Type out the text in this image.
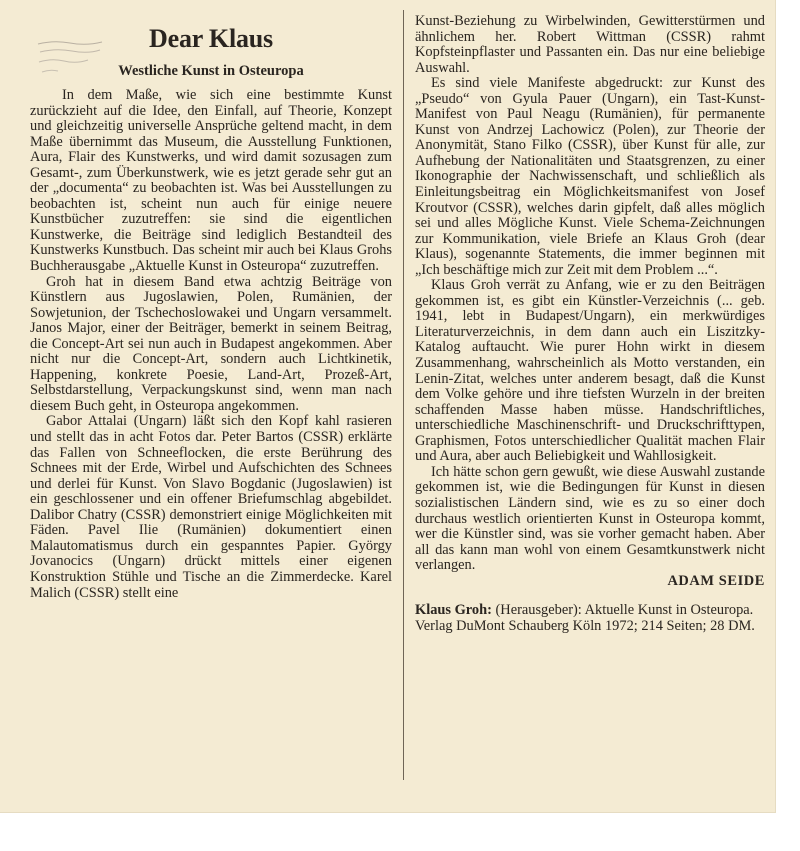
Dear Klaus
Westliche Kunst in Osteuropa

In dem Maße, wie sich eine bestimmte Kunst zurückzieht auf die Idee, den Einfall, auf Theorie, Konzept und gleichzeitig universelle Ansprüche geltend macht, in dem Maße übernimmt das Museum, die Ausstellung Funktionen, Aura, Flair des Kunstwerks, und wird damit sozusagen zum Gesamt-, zum Überkunstwerk, wie es jetzt gerade sehr gut an der „documenta“ zu beobachten ist. Was bei Ausstellungen zu beobachten ist, scheint nun auch für einige neuere Kunstbücher zuzutreffen: sie sind die eigentlichen Kunstwerke, die Beiträge sind lediglich Bestandteil des Kunstwerks Kunstbuch. Das scheint mir auch bei Klaus Grohs Buchherausgabe „Aktuelle Kunst in Osteuropa“ zuzutreffen.

Groh hat in diesem Band etwa achtzig Beiträge von Künstlern aus Jugoslawien, Polen, Rumänien, der Sowjetunion, der Tschechoslowakei und Ungarn versammelt. Janos Major, einer der Beiträger, bemerkt in seinem Beitrag, die Concept-Art sei nun auch in Budapest angekommen. Aber nicht nur die Concept-Art, sondern auch Lichtkinetik, Happening, konkrete Poesie, Land-Art, Prozeß-Art, Selbstdarstellung, Verpackungskunst sind, wenn man nach diesem Buch geht, in Osteuropa angekommen.

Gabor Attalai (Ungarn) läßt sich den Kopf kahl rasieren und stellt das in acht Fotos dar. Peter Bartos (CSSR) erklärte das Fallen von Schneeflocken, die erste Berührung des Schnees mit der Erde, Wirbel und Aufschichten des Schnees und derlei für Kunst. Von Slavo Bogdanic (Jugoslawien) ist ein geschlossener und ein offener Briefumschlag abgebildet. Dalibor Chatry (CSSR) demonstriert einige Möglichkeiten mit Fäden. Pavel Ilie (Rumänien) dokumentiert einen Malautomatismus durch ein gespanntes Papier. György Jovanocics (Ungarn) drückt mittels einer eigenen Konstruktion Stühle und Tische an die Zimmerdecke. Karel Malich (CSSR) stellt eine

Kunst-Beziehung zu Wirbelwinden, Gewitterstürmen und ähnlichem her. Robert Wittman (CSSR) rahmt Kopfsteinpflaster und Passanten ein. Das nur eine beliebige Auswahl.

Es sind viele Manifeste abgedruckt: zur Kunst des „Pseudo“ von Gyula Pauer (Ungarn), ein Tast-Kunst-Manifest von Paul Neagu (Rumänien), für permanente Kunst von Andrzej Lachowicz (Polen), zur Theorie der Anonymität, Stano Filko (CSSR), über Kunst für alle, zur Aufhebung der Nationalitäten und Staatsgrenzen, zu einer Ikonographie der Nachwissenschaft, und schließlich als Einleitungsbeitrag ein Möglichkeitsmanifest von Josef Kroutvor (CSSR), welches darin gipfelt, daß alles möglich sei und alles Mögliche Kunst. Viele Schema-Zeichnungen zur Kommunikation, viele Briefe an Klaus Groh (dear Klaus), sogenannte Statements, die immer beginnen mit „Ich beschäftige mich zur Zeit mit dem Problem ...“.

Klaus Groh verrät zu Anfang, wie er zu den Beiträgen gekommen ist, es gibt ein Künstler-Verzeichnis (... geb. 1941, lebt in Budapest/Ungarn), ein merkwürdiges Literaturverzeichnis, in dem dann auch ein Liszitzky-Katalog auftaucht. Wie purer Hohn wirkt in diesem Zusammenhang, wahrscheinlich als Motto verstanden, ein Lenin-Zitat, welches unter anderem besagt, daß die Kunst dem Volke gehöre und ihre tiefsten Wurzeln in der breiten schaffenden Masse haben müsse. Handschriftliches, unterschiedliche Maschinenschrift- und Druckschrifttypen, Graphismen, Fotos unterschiedlicher Qualität machen Flair und Aura, aber auch Beliebigkeit und Wahllosigkeit.

Ich hätte schon gern gewußt, wie diese Auswahl zustande gekommen ist, wie die Bedingungen für Kunst in diesen sozialistischen Ländern sind, wie es zu so einer doch durchaus westlich orientierten Kunst in Osteuropa kommt, wer die Künstler sind, was sie vorher gemacht haben. Aber all das kann man wohl von einem Gesamtkunstwerk nicht verlangen.

ADAM SEIDE

Klaus Groh: (Herausgeber): Aktuelle Kunst in Osteuropa. Verlag DuMont Schauberg Köln 1972; 214 Seiten; 28 DM.
